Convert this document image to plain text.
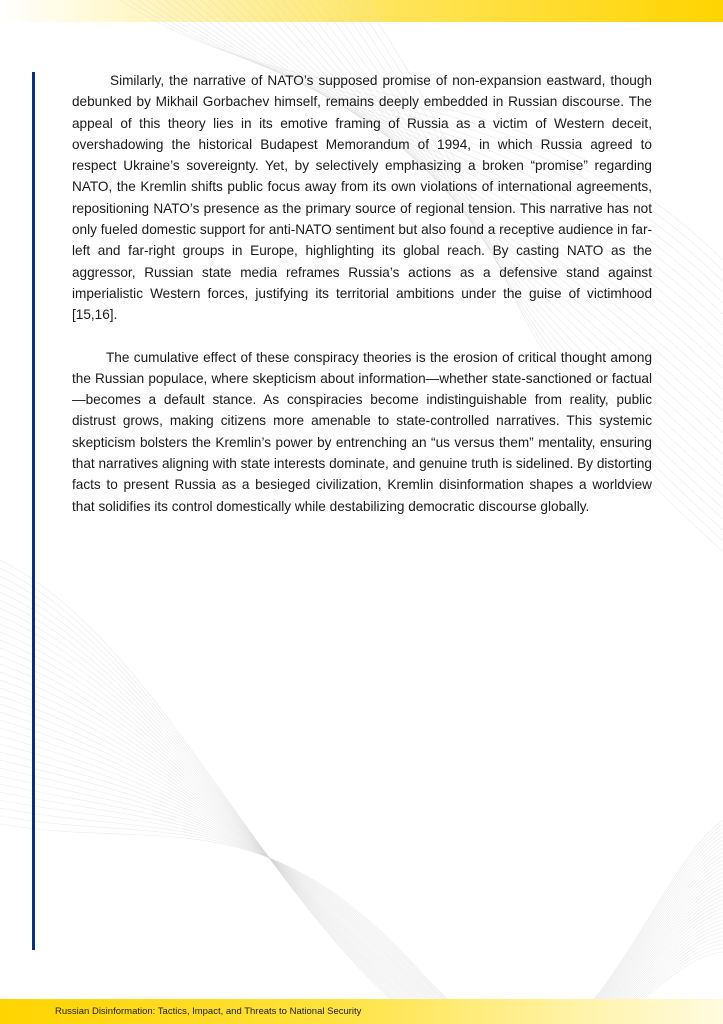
Similarly, the narrative of NATO’s supposed promise of non-expansion eastward, though debunked by Mikhail Gorbachev himself, remains deeply embedded in Russian discourse. The appeal of this theory lies in its emotive framing of Russia as a victim of Western deceit, overshadowing the historical Budapest Memorandum of 1994, in which Russia agreed to respect Ukraine’s sovereignty. Yet, by selectively emphasizing a broken “promise” regarding NATO, the Kremlin shifts public focus away from its own violations of international agreements, repositioning NATO’s presence as the primary source of regional tension. This narrative has not only fueled domestic support for anti-NATO sentiment but also found a receptive audience in far-left and far-right groups in Europe, highlighting its global reach. By casting NATO as the aggressor, Russian state media reframes Russia’s actions as a defensive stand against imperialistic Western forces, justifying its territorial ambitions under the guise of victimhood [15,16].

The cumulative effect of these conspiracy theories is the erosion of critical thought among the Russian populace, where skepticism about information—whether state-sanctioned or factual—becomes a default stance. As conspiracies become indistinguishable from reality, public distrust grows, making citizens more amenable to state-controlled narratives. This systemic skepticism bolsters the Kremlin’s power by entrenching an “us versus them” mentality, ensuring that narratives aligning with state interests dominate, and genuine truth is sidelined. By distorting facts to present Russia as a besieged civilization, Kremlin disinformation shapes a worldview that solidifies its control domestically while destabilizing democratic discourse globally.

Russian Disinformation: Tactics, Impact, and Threats to National Security
